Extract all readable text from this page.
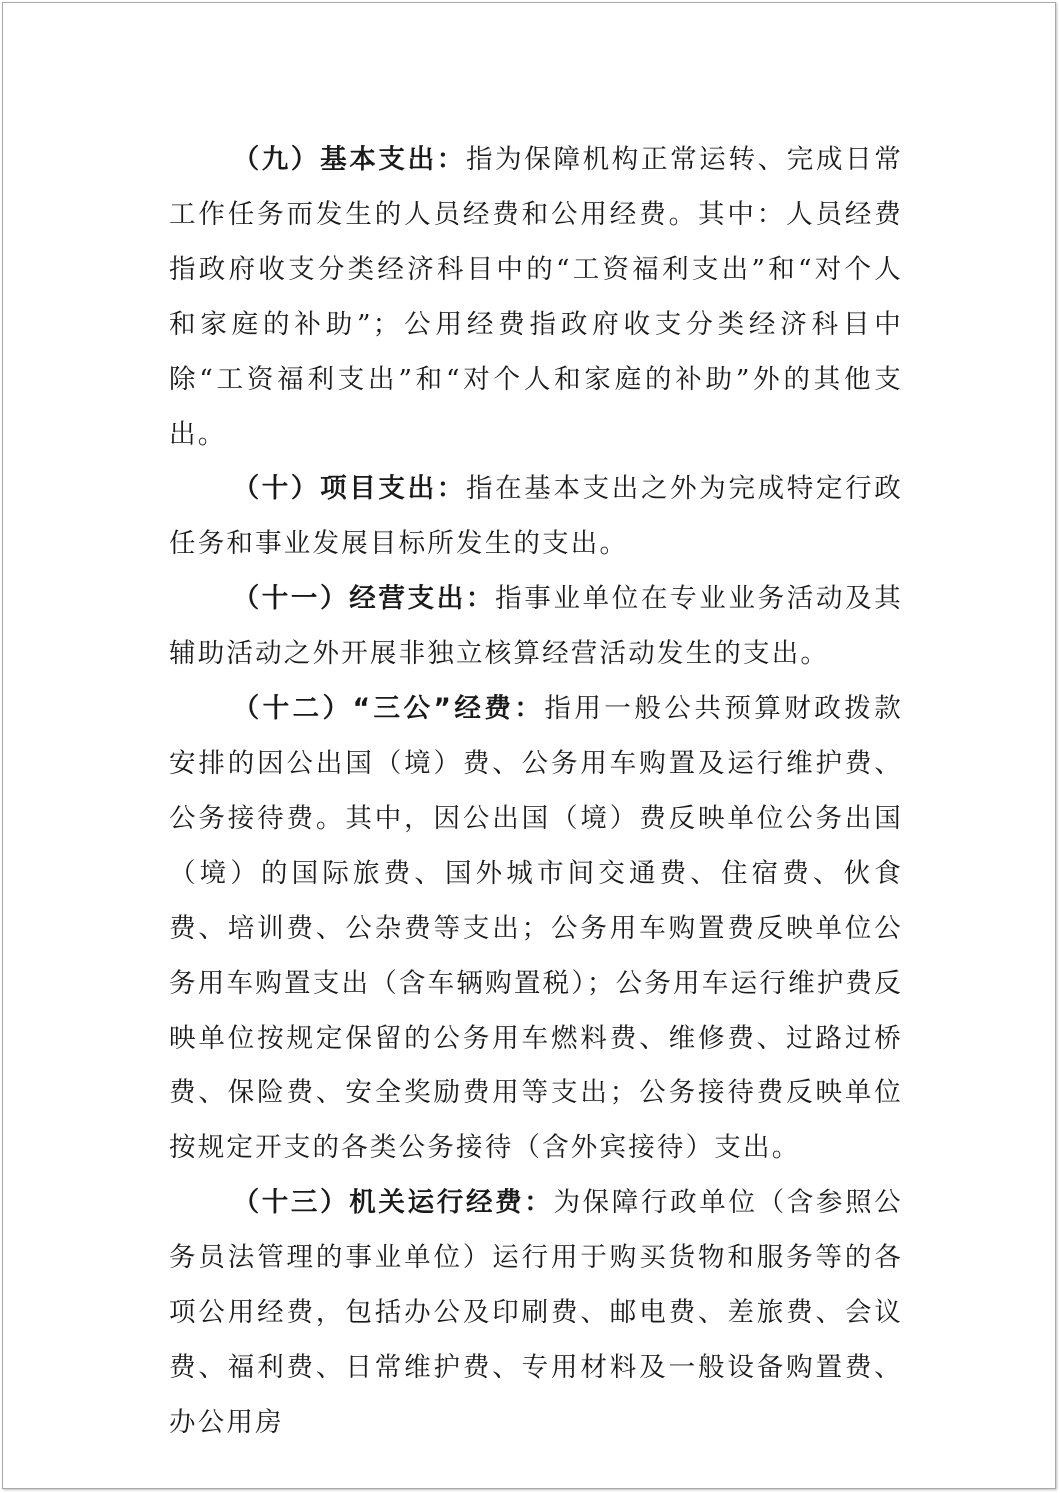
（九）基本支出：指为保障机构正常运转、完成日常工作任务而发生的人员经费和公用经费。其中：人员经费指政府收支分类经济科目中的“工资福利支出”和“对个人和家庭的补助”；公用经费指政府收支分类经济科目中除“工资福利支出”和“对个人和家庭的补助”外的其他支出。

（十）项目支出：指在基本支出之外为完成特定行政任务和事业发展目标所发生的支出。

（十一）经营支出：指事业单位在专业业务活动及其辅助活动之外开展非独立核算经营活动发生的支出。

（十二）“三公”经费：指用一般公共预算财政拨款安排的因公出国（境）费、公务用车购置及运行维护费、公务接待费。其中，因公出国（境）费反映单位公务出国（境）的国际旅费、国外城市间交通费、住宿费、伙食费、培训费、公杂费等支出；公务用车购置费反映单位公务用车购置支出（含车辆购置税）；公务用车运行维护费反映单位按规定保留的公务用车燃料费、维修费、过路过桥费、保险费、安全奖励费用等支出；公务接待费反映单位按规定开支的各类公务接待（含外宾接待）支出。

（十三）机关运行经费：为保障行政单位（含参照公务员法管理的事业单位）运行用于购买货物和服务等的各项公用经费，包括办公及印刷费、邮电费、差旅费、会议费、福利费、日常维护费、专用材料及一般设备购置费、办公用房
